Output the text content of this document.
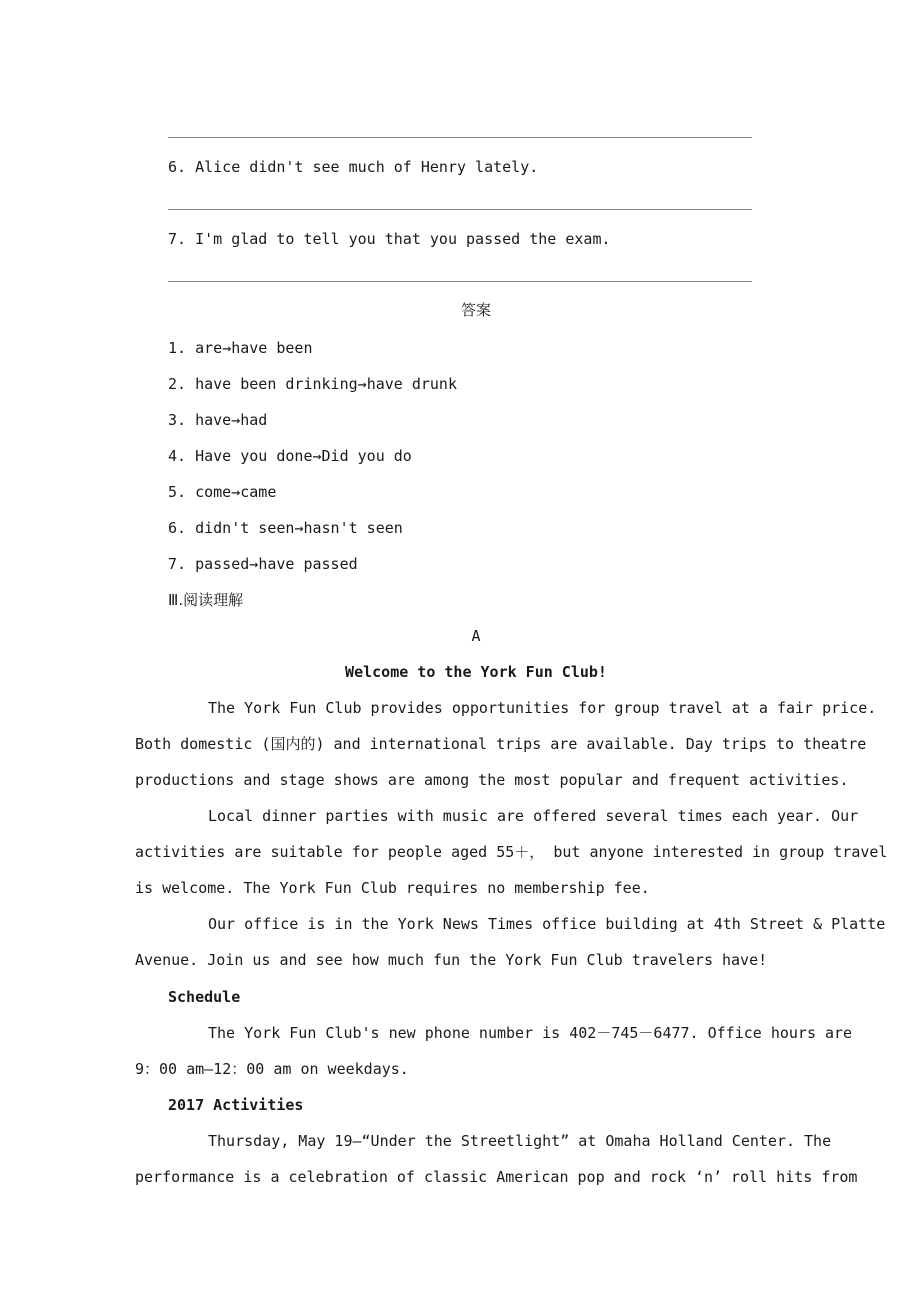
6. Alice didn't see much of Henry lately.
7. I'm glad to tell you that you passed the exam.
答案
1. are→have been
2. have been drinking→have drunk
3. have→had
4. Have you done→Did you do
5. come→came
6. didn't seen→hasn't seen
7. passed→have passed
Ⅲ.阅读理解
A
Welcome to the York Fun Club!
The York Fun Club provides opportunities for group travel at a fair price.
Both domestic (国内的) and international trips are available. Day trips to theatre
productions and stage shows are among the most popular and frequent activities.
Local dinner parties with music are offered several times each year. Our
activities are suitable for people aged 55＋， but anyone interested in group travel
is welcome. The York Fun Club requires no membership fee.
Our office is in the York News Times office building at 4th Street & Platte
Avenue. Join us and see how much fun the York Fun Club travelers have!
Schedule
The York Fun Club's new phone number is 402－745－6477. Office hours are
9：00 am—12：00 am on weekdays.
2017 Activities
Thursday, May 19—“Under the Streetlight” at Omaha Holland Center. The
performance is a celebration of classic American pop and rock ‘n’ roll hits from
